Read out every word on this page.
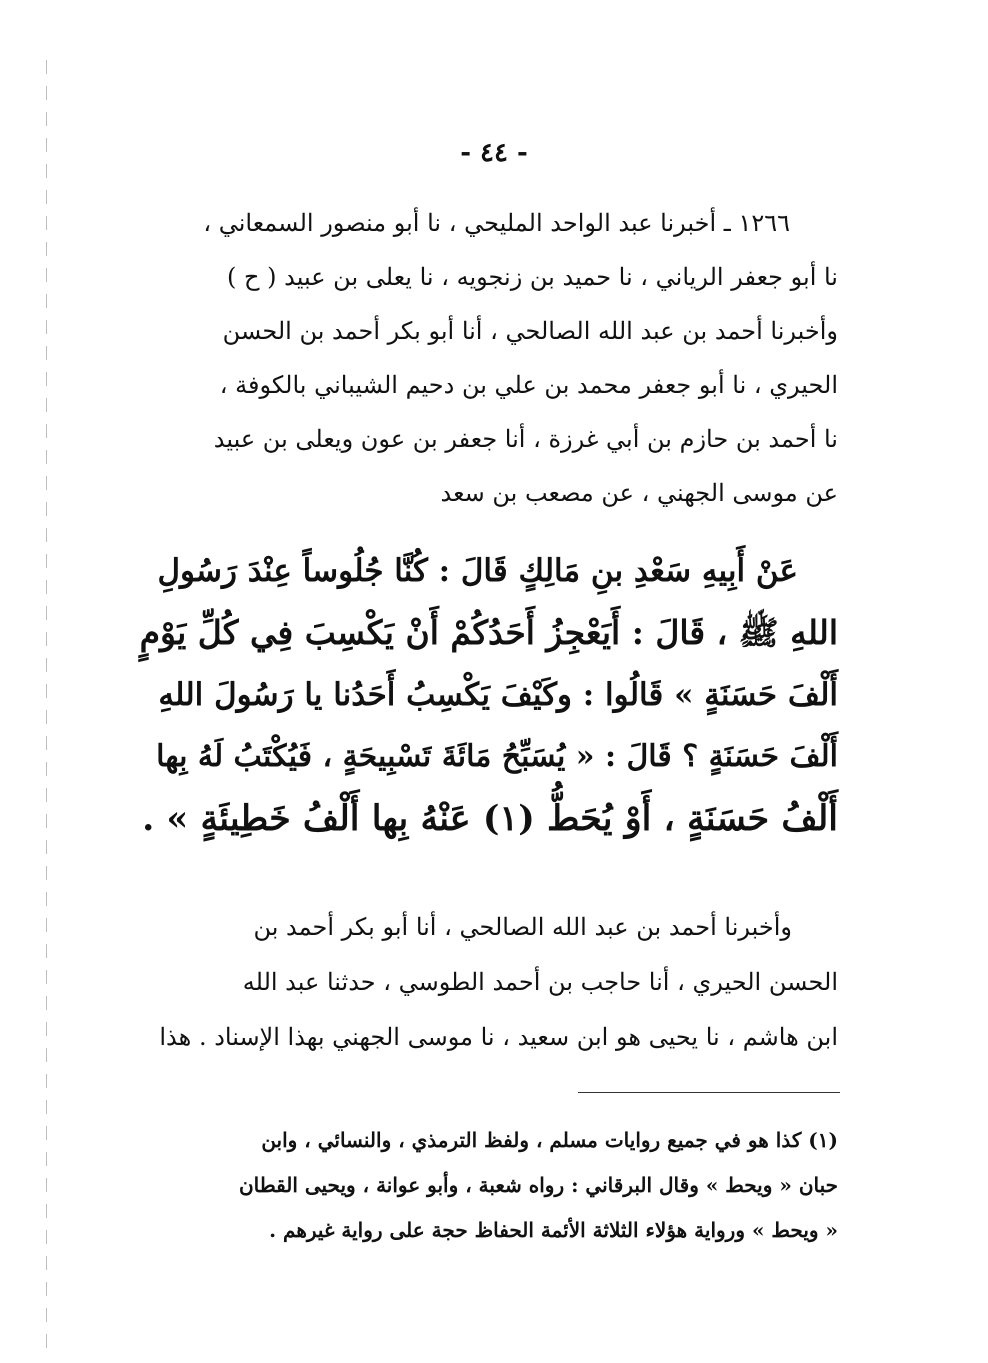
- ٤٤ -
١٢٦٦ ـ أخبرنا عبد الواحد المليحي ، نا أبو منصور السمعاني ،
نا أبو جعفر الرياني ، نا حميد بن زنجويه ، نا يعلى بن عبيد ( ح )
وأخبرنا أحمد بن عبد الله الصالحي ، أنا أبو بكر أحمد بن الحسن
الحيري ، نا أبو جعفر محمد بن علي بن دحيم الشيباني بالكوفة ،
نا أحمد بن حازم بن أبي غرزة ، أنا جعفر بن عون ويعلى بن عبيد
عن موسى الجهني ، عن مصعب بن سعد
عَنْ أَبِيهِ سَعْدِ بنِ مَالِكٍ قَالَ : كُنَّا جُلُوساً عِنْدَ رَسُولِ
اللهِ ﷺ ، قَالَ : أَيَعْجِزُ أَحَدُكُمْ أَنْ يَكْسِبَ فِي كُلِّ يَوْمٍ
أَلْفَ حَسَنَةٍ » قَالُوا : وكَيْفَ يَكْسِبُ أَحَدُنا يا رَسُولَ اللهِ
أَلْفَ حَسَنَةٍ ؟ قَالَ : « يُسَبِّحُ مَائَةَ تَسْبِيحَةٍ ، فَيُكْتَبُ لَهُ بِها
أَلْفُ حَسَنَةٍ ، أَوْ يُحَطُّ (١) عَنْهُ بِها أَلْفُ خَطِيئَةٍ » .
وأخبرنا أحمد بن عبد الله الصالحي ، أنا أبو بكر أحمد بن
الحسن الحيري ، أنا حاجب بن أحمد الطوسي ، حدثنا عبد الله
ابن هاشم ، نا يحيى هو ابن سعيد ، نا موسى الجهني بهذا الإسناد . هذا
(١) كذا هو في جميع روايات مسلم ، ولفظ الترمذي ، والنسائي ، وابن
حبان « ويحط » وقال البرقاني : رواه شعبة ، وأبو عوانة ، ويحيى القطان
« ويحط » ورواية هؤلاء الثلاثة الأئمة الحفاظ حجة على رواية غيرهم .
